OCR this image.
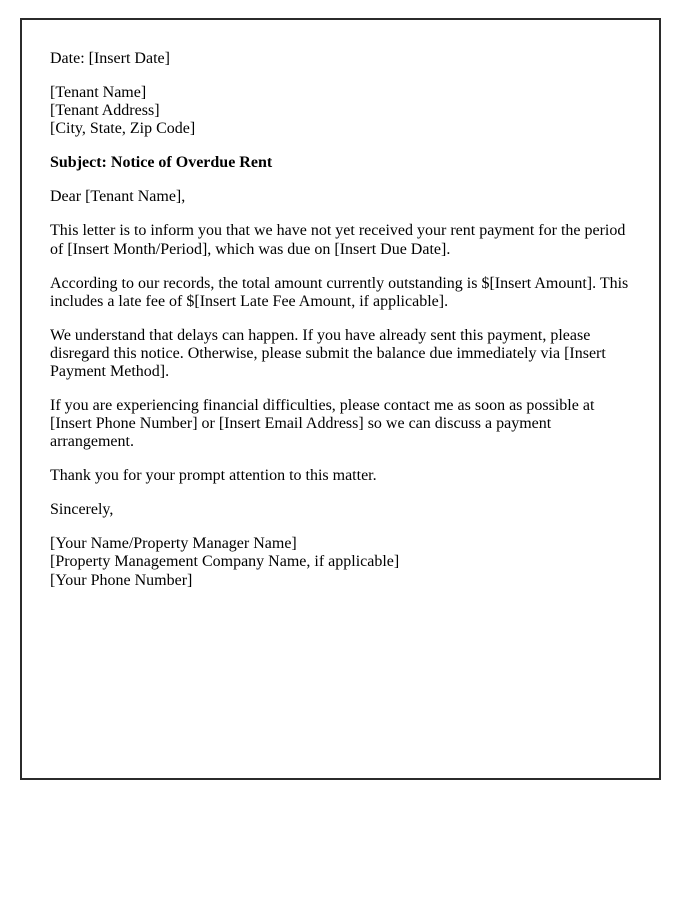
Date: [Insert Date]

[Tenant Name]
[Tenant Address]
[City, State, Zip Code]

Subject: Notice of Overdue Rent

Dear [Tenant Name],

This letter is to inform you that we have not yet received your rent payment for the period of [Insert Month/Period], which was due on [Insert Due Date].

According to our records, the total amount currently outstanding is $[Insert Amount]. This includes a late fee of $[Insert Late Fee Amount, if applicable].

We understand that delays can happen. If you have already sent this payment, please disregard this notice. Otherwise, please submit the balance due immediately via [Insert Payment Method].

If you are experiencing financial difficulties, please contact me as soon as possible at [Insert Phone Number] or [Insert Email Address] so we can discuss a payment arrangement.

Thank you for your prompt attention to this matter.

Sincerely,

[Your Name/Property Manager Name]
[Property Management Company Name, if applicable]
[Your Phone Number]
